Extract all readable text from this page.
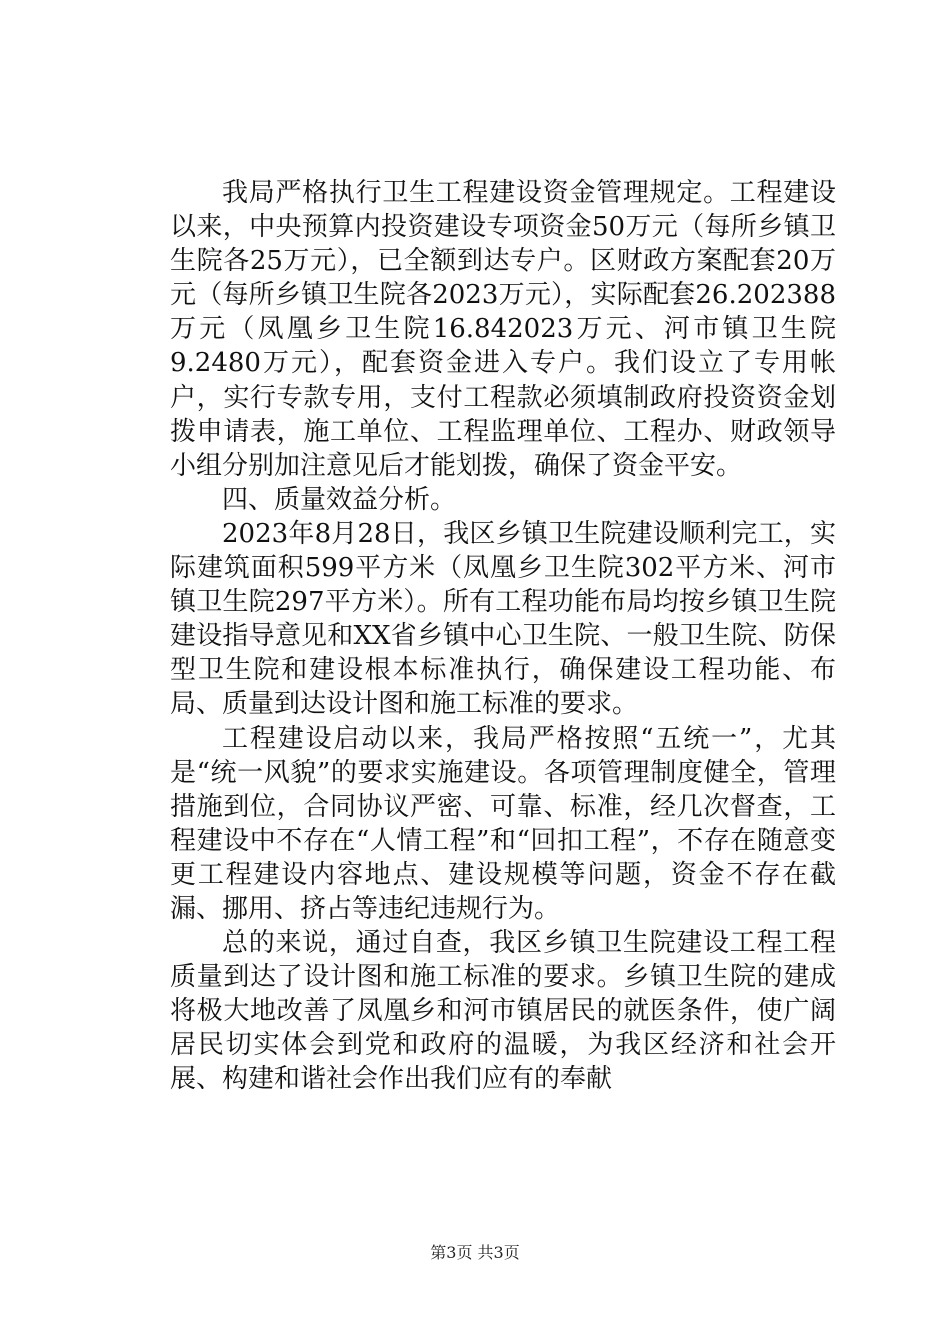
我局严格执行卫生工程建设资金管理规定。工程建设以来，中央预算内投资建设专项资金50万元（每所乡镇卫生院各25万元），已全额到达专户。区财政方案配套20万元（每所乡镇卫生院各2023万元），实际配套26.202388万元（凤凰乡卫生院16.842023万元、河市镇卫生院9.2480万元），配套资金进入专户。我们设立了专用帐户，实行专款专用，支付工程款必须填制政府投资资金划拨申请表，施工单位、工程监理单位、工程办、财政领导小组分别加注意见后才能划拨，确保了资金平安。

四、质量效益分析。

2023年8月28日，我区乡镇卫生院建设顺利完工，实际建筑面积599平方米（凤凰乡卫生院302平方米、河市镇卫生院297平方米）。所有工程功能布局均按乡镇卫生院建设指导意见和XX省乡镇中心卫生院、一般卫生院、防保型卫生院和建设根本标准执行，确保建设工程功能、布局、质量到达设计图和施工标准的要求。

工程建设启动以来，我局严格按照“五统一”，尤其是“统一风貌”的要求实施建设。各项管理制度健全，管理措施到位，合同协议严密、可靠、标准，经几次督查，工程建设中不存在“人情工程”和“回扣工程”，不存在随意变更工程建设内容地点、建设规模等问题，资金不存在截漏、挪用、挤占等违纪违规行为。

总的来说，通过自查，我区乡镇卫生院建设工程工程质量到达了设计图和施工标准的要求。乡镇卫生院的建成将极大地改善了凤凰乡和河市镇居民的就医条件，使广阔居民切实体会到党和政府的温暖，为我区经济和社会开展、构建和谐社会作出我们应有的奉献

第3页 共3页
